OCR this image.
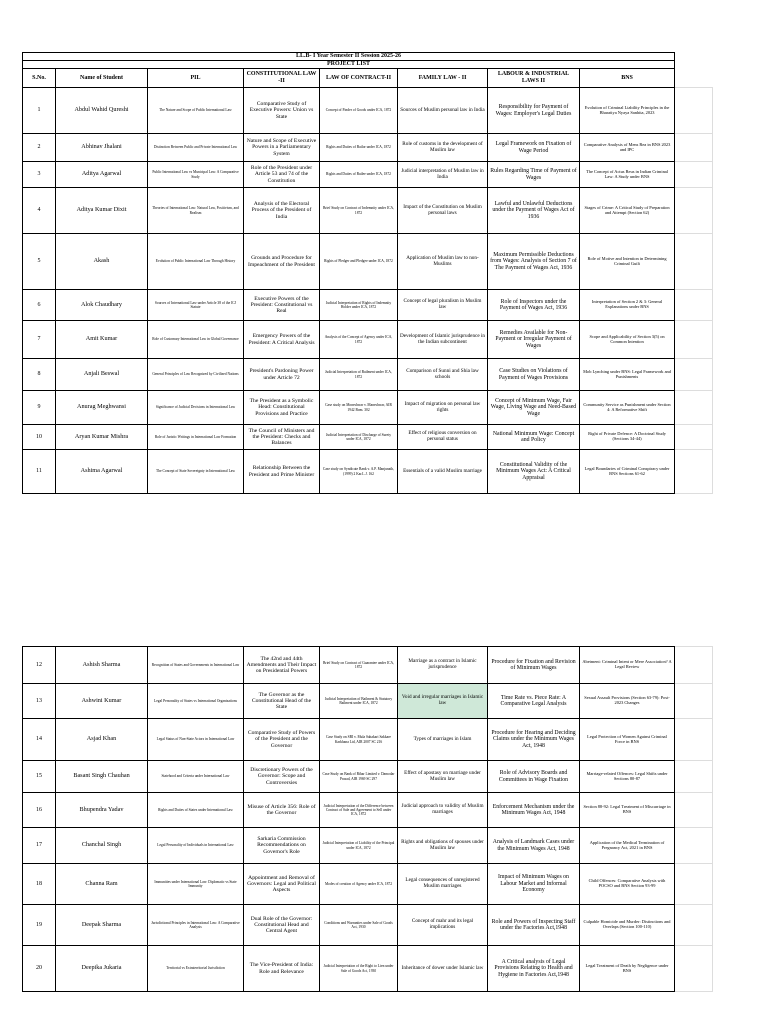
LL.B- I Year Semester II Session 2025-26								
PROJECT LIST								
S.No.	Name of Student	PIL	CONSTITUTIONAL LAW -II	LAW OF CONTRACT-II	FAMILY LAW - II	LABOUR & INDUSTRIAL LAWS II	BNS	
1	Abdul Wahid Qureshi	The Nature and Scope of Public International Law	Comparative Study of Executive Powers: Union vs State	Concept of Finder of Goods under ICA, 1872	Sources of Muslim personal law in India	Responsibility for Payment of Wages: Employer's Legal Duties	Evolution of Criminal Liability Principles in the Bharatiya Nyaya Sanhita, 2023	
2	Abhinav Jhalani	Distinction Between Public and Private International Law	Nature and Scope of Executive Powers in a Parliamentary System	Rights and Duties of Bailor under ICA, 1872	Role of customs in the development of Muslim law	Legal Framework on Fixation of Wage Period	Comparative Analysis of Mens Rea in BNS 2023 and IPC	
3	Aditya Agarwal	Public International Law vs Municipal Law: A Comparative Study	Role of the President under Article 53 and 74 of the Constitution	Rights and Duties of Bailee under ICA, 1872	Judicial interpretation of Muslim law in India	Rules Regarding Time of Payment of Wages	The Concept of Actus Reus in Indian Criminal Law: A Study under BNS	
4	Aditya Kumar Dixit	Theories of International Law: Natural Law, Positivism, and Realism	Analysis of the Electoral Process of the President of India	Brief Study on Contract of Indemnity under ICA, 1872	Impact of the Constitution on Muslim personal laws	Lawful and Unlawful Deductions under the Payment of Wages Act of 1936	Stages of Crime: A Critical Study of Preparation and Attempt (Section 62)	
5	Akash	Evolution of Public International Law Through History	Grounds and Procedure for Impeachment of the President	Rights of Pledger and Pledgee under ICA, 1872	Application of Muslim law to non-Muslims	Maximum Permissible Deductions from Wages: Analysis of Section 7 of The Payment of Wages Act, 1936	Role of Motive and Intention in Determining Criminal Guilt	
6	Alok Chaudhary	Sources of International Law under Article 38 of the ICJ Statute	Executive Powers of the President: Constitutional vs Real	Judicial Interpretation of Rights of Indemnity Holder under ICA, 1872	Concept of legal pluralism in Muslim law	Role of Inspectors under the Payment of Wages Act, 1936	Interpretation of Section 2 & 3: General Explanations under BNS	
7	Amit Kumar	Role of Customary International Law in Global Governance	Emergency Powers of the President: A Critical Analysis	Analysis of the Concept of Agency under ICA, 1872	Development of Islamic jurisprudence in the Indian subcontinent	Remedies Available for Non-Payment or Irregular Payment of Wages	Scope and Applicability of Section 3(5) on Common Intention	
8	Anjali Beswal	General Principles of Law Recognized by Civilized Nations	President's Pardoning Power under Article 72	Judicial Interpretation of Bailment under ICA, 1872	Comparison of Sunni and Shia law schools	Case Studies on Violations of Payment of Wages Provisions	Mob Lynching under BNS: Legal Framework and Punishments	
9	Anurag Meghwansi	Significance of Judicial Decisions in International Law	The President as a Symbolic Head: Constitutional Provisions and Practice	Case study on Moneshwar v. Maneshwar, AIR 1942 Bom. 302	Impact of migration on personal law rights	Concept of Minimum Wage, Fair Wage, Living Wage and Need-Based Wage	Community Service as Punishment under Section 4: A Reformative Shift	
10	Aryan Kumar Mishra	Role of Juristic Writings in International Law Formation	The Council of Ministers and the President: Checks and Balances	Judicial Interpretation of Discharge of Surety under ICA, 1872	Effect of religious conversion on personal status	National Minimum Wage: Concept and Policy	Right of Private Defence: A Doctrinal Study (Sections 34-44)	
11	Ashima Agarwal	The Concept of State Sovereignty in International Law	Relationship Between the President and Prime Minister	Case study on Syndicate Bank v. A.P. Manjunath, (1999) 2 Kar.L.J. 162	Essentials of a valid Muslim marriage	Constitutional Validity of the Minimum Wages Act: A Critical Appraisal	Legal Boundaries of Criminal Conspiracy under BNS Sections 61-62	
12	Ashish Sharma	Recognition of States and Governments in International Law	The 42nd and 44th Amendments and Their Impact on Presidential Powers	Brief Study on Contract of Guarantee under ICA, 1872	Marriage as a contract in Islamic jurisprudence	Procedure for Fixation and Revision of Minimum Wages	Abetment: Criminal Intent or Mere Association? A Legal Review	
13	Ashwini Kumar	Legal Personality of States vs International Organizations	The Governor as the Constitutional Head of the State	Judicial Interpretation of Bailment & Statutory Bailment under ICA, 1872	Void and irregular marriages in Islamic law	Time Rate vs. Piece Rate: A Comparative Legal Analysis	Sexual Assault Provisions (Section 63-79): Post-2023 Changes	
14	Asjad Khan	Legal Status of Non-State Actors in International Law	Comparative Study of Powers of the President and the Governor	Case Study on SBI v. Mula Sahakari Sakkare Karkhana Ltd, AIR 2007 SC 216	Types of marriages in Islam	Procedure for Hearing and Deciding Claims under the Minimum Wages Act, 1948	Legal Protection of Women Against Criminal Force in BNS	
15	Basant Singh Chauhan	Statehood and Criteria under International Law	Discretionary Powers of the Governor: Scope and Controversies	Case Study on Bank of Bihar Limited v. Damodar Prasad, AIR 1969 SC 297	Effect of apostasy on marriage under Muslim law	Role of Advisory Boards and Committees in Wage Fixation	Marriage-related Offences: Legal Shifts under Sections 80-87	
16	Bhupendra Yadav	Rights and Duties of States under International Law	Misuse of Article 356: Role of the Governor	Judicial Interpretation of the Difference between Contract of Sale and Agreement to Sell under ICA, 1872	Judicial approach to validity of Muslim marriages	Enforcement Mechanism under the Minimum Wages Act, 1948	Section 88-92: Legal Treatment of Miscarriage in BNS	
17	Chanchal Singh	Legal Personality of Individuals in International Law	Sarkaria Commission Recommendations on Governor's Role	Judicial Interpretation of Liability of the Principal under ICA, 1872	Rights and obligations of spouses under Muslim law	Analysis of Landmark Cases under the Minimum Wages Act, 1948	Application of the Medical Termination of Pregnancy Act, 2021 in BNS	
18	Channa Ram	Immunities under International Law: Diplomatic vs State Immunity	Appointment and Removal of Governors: Legal and Political Aspects	Modes of creation of Agency under ICA, 1872	Legal consequences of unregistered Muslim marriages	Impact of Minimum Wages on Labour Market and Informal Economy	Child Offences: Comparative Analysis with POCSO and BNS Section 93-99	
19	Deepak Sharma	Jurisdictional Principles in International Law: A Comparative Analysis	Dual Role of the Governor: Constitutional Head and Central Agent	Conditions and Warranties under Sale of Goods Act, 1930	Concept of mahr and its legal implications	Role and Powers of Inspecting Staff under the Factories Act,1948	Culpable Homicide and Murder: Distinctions and Overlaps (Section 100-110)	
20	Deepika Jukaria	Territorial vs Extraterritorial Jurisdiction	The Vice-President of India: Role and Relevance	Judicial Interpretation of the Right to Lien under Sale of Goods Act, 1930	Inheritance of dower under Islamic law	A Critical analysis of Legal Provisions Relating to Health and Hygiene in Factories Act,1948	Legal Treatment of Death by Negligence under BNS	
